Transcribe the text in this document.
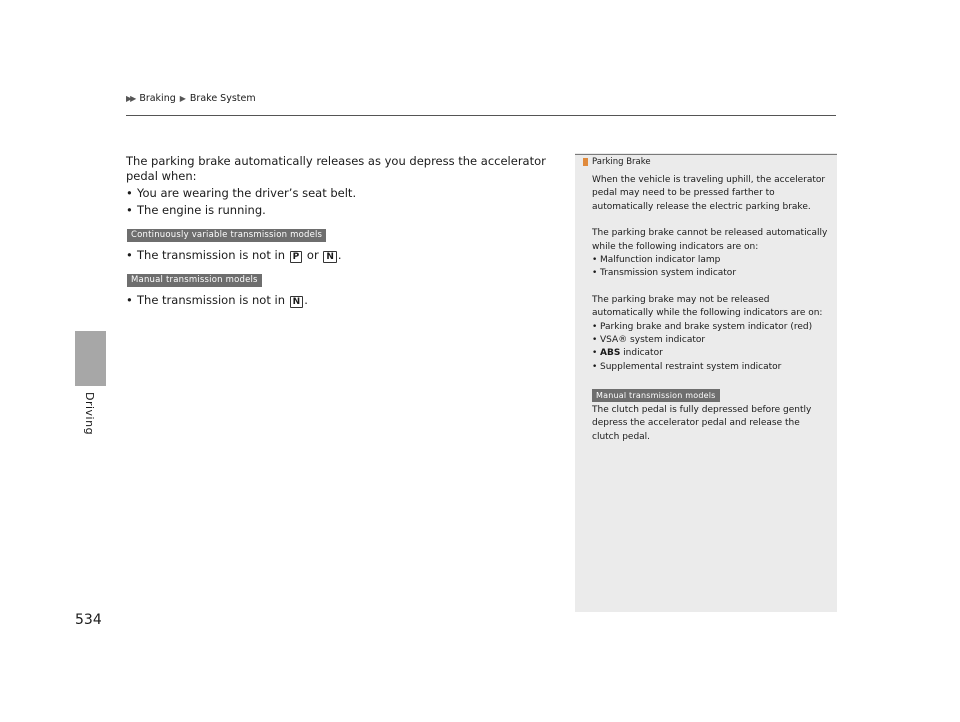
▶▶ Braking ▶ Brake System
Driving
534

The parking brake automatically releases as you depress the accelerator pedal when:

• You are wearing the driver’s seat belt.
• The engine is running.
Continuously variable transmission models
• The transmission is not in P or N .
Manual transmission models
• The transmission is not in N .
Parking Brake

When the vehicle is traveling uphill, the accelerator pedal may need to be pressed farther to automatically release the electric parking brake.

The parking brake cannot be released automatically while the following indicators are on:
• Malfunction indicator lamp
• Transmission system indicator
The parking brake may not be released automatically while the following indicators are on:
• Parking brake and brake system indicator (red)
• VSA® system indicator
• ABS indicator
• Supplemental restraint system indicator
Manual transmission models
The clutch pedal is fully depressed before gently depress the accelerator pedal and release the clutch pedal.
